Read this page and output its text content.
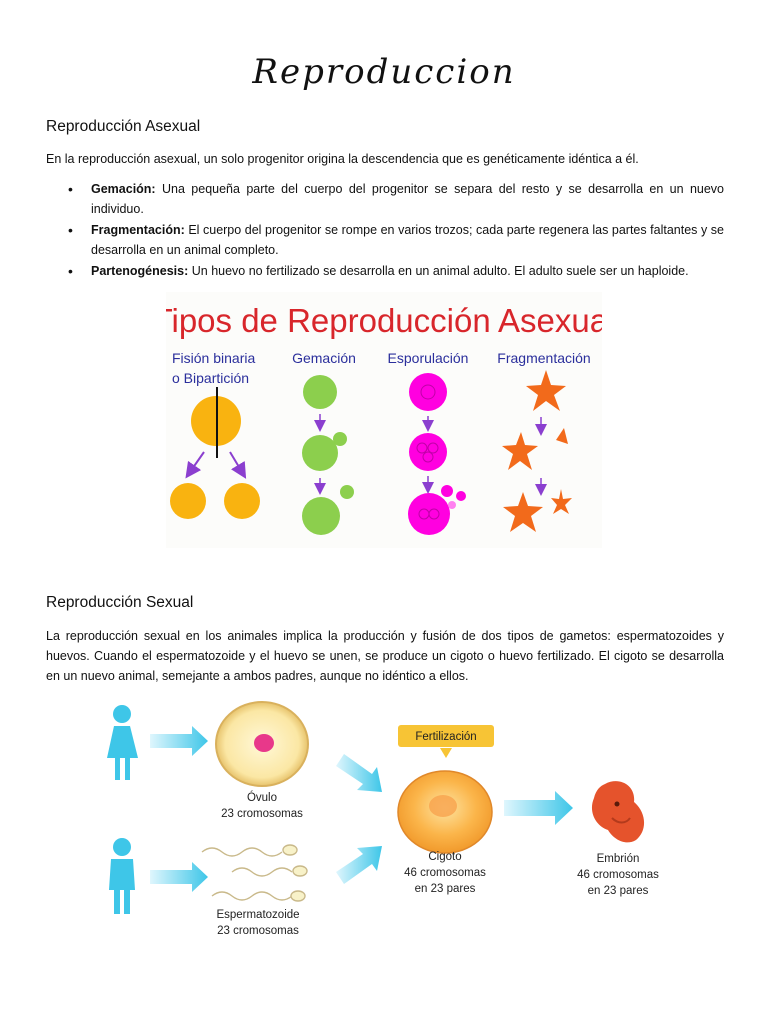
Reproduccion
Reproducción Asexual

En la reproducción asexual, un solo progenitor origina la descendencia que es genéticamente idéntica a él.

• Gemación: Una pequeña parte del cuerpo del progenitor se separa del resto y se desarrolla en un nuevo individuo.
• Fragmentación: El cuerpo del progenitor se rompe en varios trozos; cada parte regenera las partes faltantes y se desarrolla en un animal completo.
• Partenogénesis: Un huevo no fertilizado se desarrolla en un animal adulto. El adulto suele ser un haploide.
Tipos de Reproducción Asexual
Fisión binaria
o Bipartición
Gemación Esporulación Fragmentación
Reproducción Sexual

La reproducción sexual en los animales implica la producción y fusión de dos tipos de gametos: espermatozoides y huevos. Cuando el espermatozoide y el huevo se unen, se produce un cigoto o huevo fertilizado. El cigoto se desarrolla en un nuevo animal, semejante a ambos padres, aunque no idéntico a ellos.

Óvulo
23 cromosomas
Espermatozoide
23 cromosomas
Fertilización
Cigoto
46 cromosomas
en 23 pares
Embrión
46 cromosomas
en 23 pares
